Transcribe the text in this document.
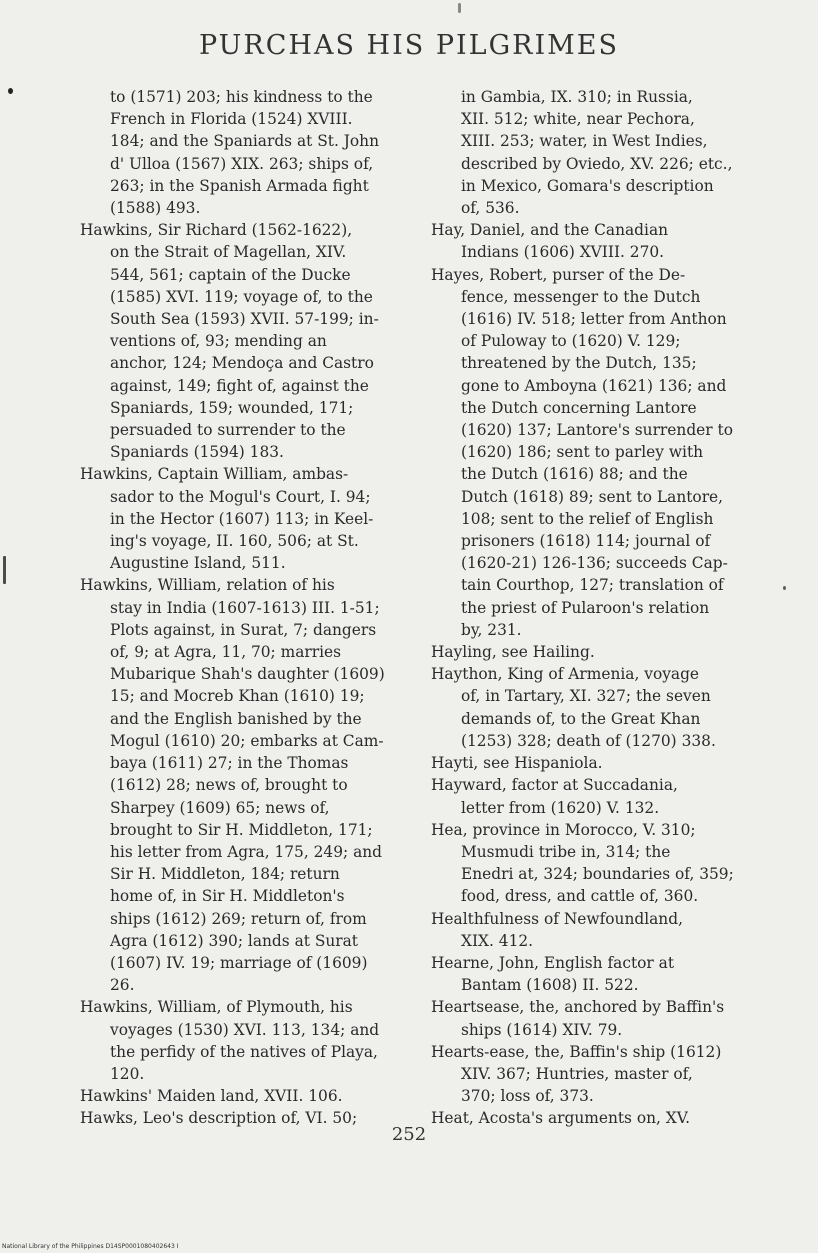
PURCHAS HIS PILGRIMES

to (1571) 203; his kindness to the
French in Florida (1524) XVIII.
184; and the Spaniards at St. John
d' Ulloa (1567) XIX. 263; ships of,
263; in the Spanish Armada fight
(1588) 493.

Hawkins, Sir Richard (1562-1622),
on the Strait of Magellan, XIV.
544, 561; captain of the Ducke
(1585) XVI. 119; voyage of, to the
South Sea (1593) XVII. 57-199; in-
ventions of, 93; mending an
anchor, 124; Mendoça and Castro
against, 149; fight of, against the
Spaniards, 159; wounded, 171;
persuaded to surrender to the
Spaniards (1594) 183.

Hawkins, Captain William, ambas-
sador to the Mogul's Court, I. 94;
in the Hector (1607) 113; in Keel-
ing's voyage, II. 160, 506; at St.
Augustine Island, 511.

Hawkins, William, relation of his
stay in India (1607-1613) III. 1-51;
Plots against, in Surat, 7; dangers
of, 9; at Agra, 11, 70; marries
Mubarique Shah's daughter (1609)
15; and Mocreb Khan (1610) 19;
and the English banished by the
Mogul (1610) 20; embarks at Cam-
baya (1611) 27; in the Thomas
(1612) 28; news of, brought to
Sharpey (1609) 65; news of,
brought to Sir H. Middleton, 171;
his letter from Agra, 175, 249; and
Sir H. Middleton, 184; return
home of, in Sir H. Middleton's
ships (1612) 269; return of, from
Agra (1612) 390; lands at Surat
(1607) IV. 19; marriage of (1609)
26.

Hawkins, William, of Plymouth, his
voyages (1530) XVI. 113, 134; and
the perfidy of the natives of Playa,
120.

Hawkins' Maiden land, XVII. 106.

Hawks, Leo's description of, VI. 50;

in Gambia, IX. 310; in Russia,
XII. 512; white, near Pechora,
XIII. 253; water, in West Indies,
described by Oviedo, XV. 226; etc.,
in Mexico, Gomara's description
of, 536.

Hay, Daniel, and the Canadian
Indians (1606) XVIII. 270.

Hayes, Robert, purser of the De-
fence, messenger to the Dutch
(1616) IV. 518; letter from Anthon
of Puloway to (1620) V. 129;
threatened by the Dutch, 135;
gone to Amboyna (1621) 136; and
the Dutch concerning Lantore
(1620) 137; Lantore's surrender to
(1620) 186; sent to parley with
the Dutch (1616) 88; and the
Dutch (1618) 89; sent to Lantore,
108; sent to the relief of English
prisoners (1618) 114; journal of
(1620-21) 126-136; succeeds Cap-
tain Courthop, 127; translation of
the priest of Pularoon's relation
by, 231.

Hayling, see Hailing.

Haython, King of Armenia, voyage
of, in Tartary, XI. 327; the seven
demands of, to the Great Khan
(1253) 328; death of (1270) 338.

Hayti, see Hispaniola.

Hayward, factor at Succadania,
letter from (1620) V. 132.

Hea, province in Morocco, V. 310;
Musmudi tribe in, 314; the
Enedri at, 324; boundaries of, 359;
food, dress, and cattle of, 360.

Healthfulness of Newfoundland,
XIX. 412.

Hearne, John, English factor at
Bantam (1608) II. 522.

Heartsease, the, anchored by Baffin's
ships (1614) XIV. 79.

Hearts-ease, the, Baffin's ship (1612)
XIV. 367; Huntries, master of,
370; loss of, 373.

Heat, Acosta's arguments on, XV.

252
National Library of the Philippines D14SP0001080402643 I
